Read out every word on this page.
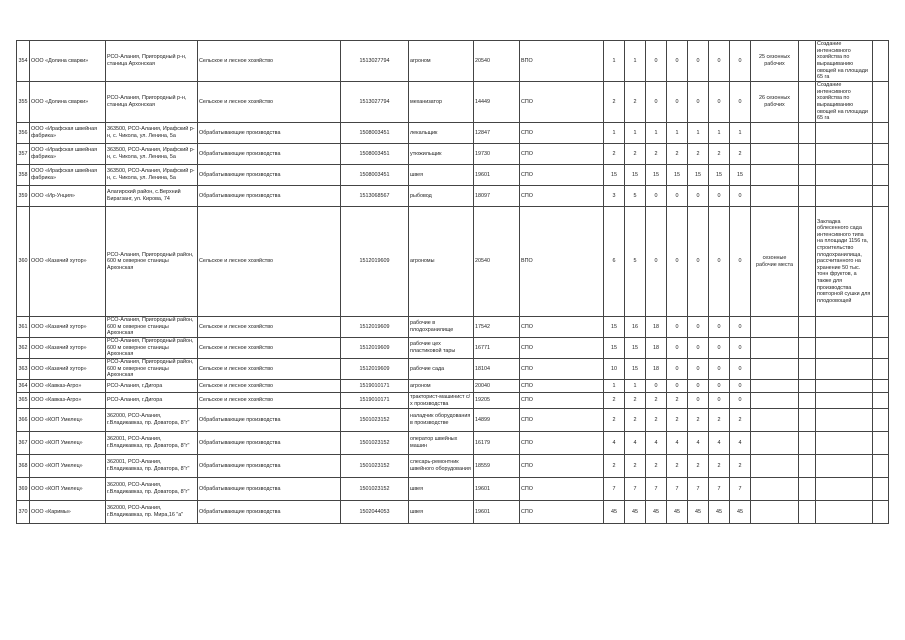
354	ООО «Долина сварки»	РСО-Алания, Пригородный р-н, станица Архонская	Сельское и лесное хозяйство	1513027794	агроном	20540	ВПО	1	1	0	0	0	0	0	25 сезонных рабочих		Создание интенсивного хозяйства по выращиванию овощей на площади 65 га	
355	ООО «Долина сварки»	РСО-Алания, Пригородный р-н, станица Архонская	Сельское и лесное хозяйство	1513027794	механизатор	14449	СПО	2	2	0	0	0	0	0	26 сезонных рабочих		Создание интенсивного хозяйства по выращиванию овощей на площади 65 га	
356	ООО «Ирафская швейная фабрика»	363500, РСО-Алания, Ирафский р-н, с. Чикола, ул. Ленина, 5а	Обрабатывающие производства	1508003451	лекальщик	12847	СПО	1	1	1	1	1	1	1				
357	ООО «Ирафская швейная фабрика»	363500, РСО-Алания, Ирафский р-н, с. Чикола, ул. Ленина, 5а	Обрабатывающие производства	1508003451	утюжильщик	19730	СПО	2	2	2	2	2	2	2				
358	ООО «Ирафская швейная фабрика»	363500, РСО-Алания, Ирафский р-н, с. Чикола, ул. Ленина, 5а	Обрабатывающие производства	1508003451	швея	19601	СПО	15	15	15	15	15	15	15				
359	ООО «Ир-Унция»	Алагирский район, с.Верхний Бирагзанг, ул. Кирова, 74	Обрабатывающие производства	1513068567	рыбовод	18097	СПО	3	5	0	0	0	0	0				
360	ООО «Казачий хутор»	РСО-Алания, Пригородный район, 600 м северное станицы Архонская	Сельское и лесное хозяйство	1512019609	агрономы	20540	ВПО	6	5	0	0	0	0	0	сезонные рабочие места		Закладка облесенного сада интенсивного типа на площади 1156 га, строительство плодохранилища, рассчитанного на хранение 50 тыс. тонн фруктов, а также для производства повторной сушки для плодоовощей	
361	ООО «Казачий хутор»	РСО-Алания, Пригородный район, 600 м северное станицы Архонская	Сельское и лесное хозяйство	1512019609	рабочие в плодохранилище	17542	СПО	15	16	18	0	0	0	0				
362	ООО «Казачий хутор»	РСО-Алания, Пригородный район, 600 м северное станицы Архонская	Сельское и лесное хозяйство	1512019609	рабочие цех пластиковой тары	16771	СПО	15	15	18	0	0	0	0				
363	ООО «Казачий хутор»	РСО-Алания, Пригородный район, 600 м северное станицы Архонская	Сельское и лесное хозяйство	1512019609	рабочие сада	18104	СПО	10	15	18	0	0	0	0				
364	ООО «Кавказ-Агро»	РСО-Алания, г.Дигора	Сельское и лесное хозяйство	1519010171	агроном	20040	СПО	1	1	0	0	0	0	0				
365	ООО «Кавказ-Агро»	РСО-Алания, г.Дигора	Сельское и лесное хозяйство	1519010171	тракторист-машинист с/х производства	19205	СПО	2	2	2	2	0	0	0				
366	ООО «КОП Умелец»	362000, РСО-Алания, г.Владикавказ, пр. Доватора, 8"г"	Обрабатывающие производства	1501023152	наладчик оборудования в производстве	14899	СПО	2	2	2	2	2	2	2				
367	ООО «КОП Умелец»	362001, РСО-Алания, г.Владикавказ, пр. Доватора, 8"г"	Обрабатывающие производства	1501023152	оператор швейных машин	16179	СПО	4	4	4	4	4	4	4				
368	ООО «КОП Умелец»	362001, РСО-Алания, г.Владикавказ, пр. Доватора, 8"г"	Обрабатывающие производства	1501023152	слесарь-ремонтник швейного оборудования	18559	СПО	2	2	2	2	2	2	2				
369	ООО «КОП Умелец»	362000, РСО-Алания, г.Владикавказ, пр. Доватора, 8"г"	Обрабатывающие производства	1501023152	швея	19601	СПО	7	7	7	7	7	7	7				
370	ООО «Каримы»	362000, РСО-Алания, г.Владикавказ, пр. Мира,16 "а"	Обрабатывающие производства	1502044053	швея	19601	СПО	45	45	45	45	45	45	45				
